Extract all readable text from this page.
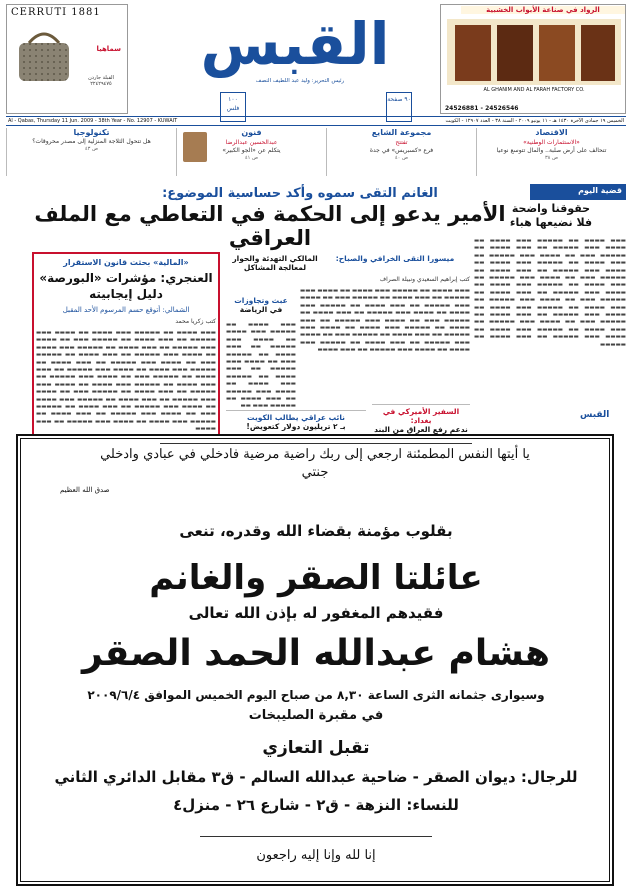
CERRUTI 1881
سماهيا
القبلة جاردن ٢٢٤٢٩٤٧٥
الرواد في صناعة الأبواب الخشبية
AL GHANIM AND AL FARAH FACTORY CO.
24526881 - 24526546
القبس
رئيس التحرير: وليد عبد اللطيف النصف
١٠٠ فلس
٩٠ صفحة
Al - Qabas, Thursday 11 Jun. 2009 - 38th Year - No. 12907 - KUWAIT	الخميس ١٩ جمادى الآخرة ١٤٣٠ هـ - ١١ يونيو ٢٠٠٩ - السنة ٣٨ - العدد ١٢٩٠٧ - الكويت
الاقتصاد
«الاستثمارات الوطنية»
تتحالف على أرض صلبة.. والمال تتوسع نوعيا
ص ٣٨
مجموعة الشايع
تفتتح
فرع «كسبريس» في جدة
ص ٤٠
فنون
عبدالحسين عبدالرضا
يتكلم عن «الجو الكبير»
ص ٤١
تكنولوجيا
هل تتحول الثلاجة المنزلية إلى مصدر محروقات؟
ص ٤٣
الغانم التقى سموه وأكد حساسية الموضوع:
الأمير يدعو إلى الحكمة في التعاطي مع الملف العراقي
قضية اليوم
حقوقنا واضحة
فلا نضيعها هباء
▬▬▬ ▬▬▬▬ ▬▬ ▬▬▬▬▬ ▬▬▬ ▬▬▬▬ ▬▬ ▬▬▬▬ ▬▬▬ ▬▬▬▬▬ ▬▬ ▬▬▬ ▬▬▬▬ ▬▬ ▬▬▬▬▬ ▬▬▬ ▬▬ ▬▬▬▬ ▬▬▬ ▬▬▬▬▬ ▬▬ ▬▬▬ ▬▬▬▬ ▬▬ ▬▬▬▬▬ ▬▬▬ ▬▬▬▬ ▬▬ ▬▬▬▬ ▬▬▬ ▬▬▬▬▬ ▬▬ ▬▬▬ ▬▬▬▬ ▬▬ ▬▬▬▬▬ ▬▬▬ ▬▬ ▬▬▬▬ ▬▬▬ ▬▬▬▬▬ ▬▬ ▬▬▬ ▬▬▬▬ ▬▬ ▬▬▬▬▬ ▬▬▬ ▬▬▬▬ ▬▬ ▬▬▬▬ ▬▬▬ ▬▬▬▬▬ ▬▬ ▬▬▬ ▬▬▬▬ ▬▬ ▬▬▬▬▬ ▬▬▬ ▬▬ ▬▬▬▬ ▬▬▬ ▬▬▬▬▬ ▬▬ ▬▬▬ ▬▬▬▬ ▬▬ ▬▬▬▬▬ ▬▬▬ ▬▬▬▬ ▬▬ ▬▬▬▬ ▬▬▬ ▬▬▬▬▬ ▬▬ ▬▬▬ ▬▬▬▬ ▬▬ ▬▬▬▬▬ ▬▬▬ ▬▬ ▬▬▬▬ ▬▬▬ ▬▬▬▬▬ ▬▬ ▬▬▬ ▬▬▬▬ ▬▬ ▬▬▬▬▬ ▬▬▬ ▬▬▬▬ ▬▬ ▬▬▬▬ ▬▬▬ ▬▬▬▬▬ ▬▬ ▬▬▬ ▬▬▬▬ ▬▬ ▬▬▬▬▬
القبس
«المالية» بحثت قانون الاستقرار
العنجري: مؤشرات «البورصة» دليل إيجابيته
الشمالي: أتوقع حسم المرسوم الأحد المقبل
كتب زكريا محمد
▬▬▬ ▬▬▬▬ ▬▬ ▬▬▬▬▬ ▬▬▬ ▬▬▬▬ ▬▬ ▬▬▬▬ ▬▬▬ ▬▬▬▬▬ ▬▬ ▬▬▬ ▬▬▬▬ ▬▬ ▬▬▬▬▬ ▬▬▬ ▬▬ ▬▬▬▬ ▬▬▬ ▬▬▬▬▬ ▬▬ ▬▬▬ ▬▬▬▬ ▬▬ ▬▬▬▬▬ ▬▬▬ ▬▬▬▬ ▬▬ ▬▬▬▬ ▬▬▬ ▬▬▬▬▬ ▬▬ ▬▬▬ ▬▬▬▬ ▬▬ ▬▬▬▬▬ ▬▬▬ ▬▬ ▬▬▬▬ ▬▬▬ ▬▬▬▬▬ ▬▬ ▬▬▬ ▬▬▬▬ ▬▬ ▬▬▬▬▬ ▬▬▬ ▬▬▬▬ ▬▬ ▬▬▬▬ ▬▬▬ ▬▬▬▬▬ ▬▬ ▬▬▬ ▬▬▬▬ ▬▬ ▬▬▬▬▬ ▬▬▬ ▬▬ ▬▬▬▬ ▬▬▬ ▬▬▬▬▬ ▬▬ ▬▬▬ ▬▬▬▬ ▬▬ ▬▬▬▬▬ ▬▬▬ ▬▬▬▬ ▬▬ ▬▬▬▬ ▬▬▬ ▬▬▬▬▬ ▬▬ ▬▬▬ ▬▬▬▬ ▬▬ ▬▬▬▬▬ ▬▬▬ ▬▬ ▬▬▬▬ ▬▬▬ ▬▬▬▬▬ ▬▬ ▬▬▬ ▬▬▬▬ ▬▬ ▬▬▬▬▬ ▬▬▬ ▬▬▬▬ ▬▬ ▬▬▬▬ ▬▬▬ ▬▬▬▬▬ ▬▬ ▬▬▬ ▬▬▬▬ ▬▬ ▬▬▬▬▬ ▬▬▬ ▬▬ ▬▬▬▬ ▬▬▬ ▬▬▬▬▬ ▬▬ ▬▬▬ ▬▬▬▬ ▬▬ ▬▬▬▬▬ ▬▬▬ ▬▬▬▬ ▬▬ ▬▬▬▬ ▬▬▬ ▬▬▬▬▬ ▬▬ ▬▬▬ ▬▬▬▬
ميسورا التقى الخرافي والصباح:
المالكي التهدئة والحوار لمعالجة المشاكل
كتب إبراهيم السعيدي ونبيلة الصراف
▬▬▬ ▬▬▬▬ ▬▬ ▬▬▬▬▬ ▬▬▬ ▬▬▬▬ ▬▬ ▬▬▬▬ ▬▬▬ ▬▬▬▬▬ ▬▬ ▬▬▬ ▬▬▬▬ ▬▬ ▬▬▬▬▬ ▬▬▬ ▬▬ ▬▬▬▬ ▬▬▬ ▬▬▬▬▬ ▬▬ ▬▬▬ ▬▬▬▬ ▬▬ ▬▬▬▬▬ ▬▬▬ ▬▬▬▬ ▬▬ ▬▬▬▬ ▬▬▬ ▬▬▬▬▬ ▬▬ ▬▬▬ ▬▬▬▬ ▬▬ ▬▬▬▬▬ ▬▬▬ ▬▬ ▬▬▬▬ ▬▬▬ ▬▬▬▬▬ ▬▬ ▬▬▬ ▬▬▬▬ ▬▬ ▬▬▬▬▬ ▬▬▬ ▬▬▬▬ ▬▬ ▬▬▬▬ ▬▬▬ ▬▬▬▬▬ ▬▬ ▬▬▬ ▬▬▬▬ ▬▬ ▬▬▬▬▬ ▬▬▬ ▬▬ ▬▬▬▬ ▬▬▬ ▬▬▬▬▬ ▬▬ ▬▬▬ ▬▬▬▬ ▬▬ ▬▬▬▬▬ ▬▬▬ ▬▬▬▬ ▬▬ ▬▬▬▬ ▬▬▬ ▬▬▬▬▬ ▬▬ ▬▬▬ ▬▬▬▬
عبث وتجاوزات
في الرياضة
▬▬▬ ▬▬▬▬ ▬▬ ▬▬▬▬▬ ▬▬▬ ▬▬▬▬ ▬▬ ▬▬▬▬ ▬▬▬ ▬▬▬▬▬ ▬▬ ▬▬▬ ▬▬▬▬ ▬▬ ▬▬▬▬▬ ▬▬▬ ▬▬ ▬▬▬▬ ▬▬▬ ▬▬▬▬▬ ▬▬ ▬▬▬ ▬▬▬▬ ▬▬ ▬▬▬▬▬ ▬▬▬ ▬▬▬▬ ▬▬ ▬▬▬▬ ▬▬▬ ▬▬▬▬▬ ▬▬ ▬▬▬ ▬▬▬▬ ▬▬ ▬▬▬▬▬ ▬▬▬ ▬▬
نائب عراقي يطالب الكويت
بـ ٢ تريليون دولار كتعويض!
السفير الأميركي في بغداد:
ندعم رفع العراق من البند
يا أيتها النفس المطمئنة ارجعي إلى ربك راضية مرضية فادخلي في عبادي وادخلي جنتي
صدق الله العظيم
بقلوب مؤمنة بقضاء الله وقدره، تنعى
عائلتا الصقر والغانم
فقيدهم المغفور له بإذن الله تعالى
هشام عبدالله الحمد الصقر
وسيوارى جثمانه الثرى الساعة ٨,٣٠ من صباح اليوم الخميس الموافق ٢٠٠٩/٦/٤
في مقبرة الصليبخات
تقبل التعازي
للرجال: ديوان الصقر - ضاحية عبدالله السالم - ق٣ مقابل الدائري الثاني
للنساء: النزهة - ق٢ - شارع ٢٦ - منزل٤
إنا لله وإنا إليه راجعون
